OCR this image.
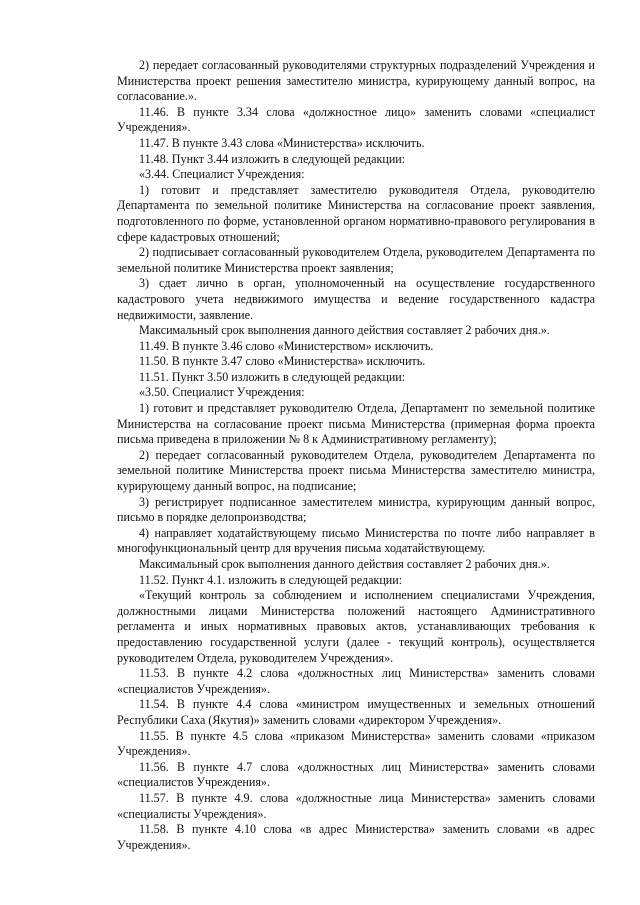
2) передает согласованный руководителями структурных подразделений Учреждения и Министерства проект решения заместителю министра, курирующему данный вопрос, на согласование.».

11.46. В пункте 3.34 слова «должностное лицо» заменить словами «специалист Учреждения».

11.47. В пункте 3.43 слова «Министерства» исключить.

11.48. Пункт 3.44 изложить в следующей редакции:

«3.44. Специалист Учреждения:

1) готовит и представляет заместителю руководителя Отдела, руководителю Департамента по земельной политике Министерства на согласование проект заявления, подготовленного по форме, установленной органом нормативно-правового регулирования в сфере кадастровых отношений;

2) подписывает согласованный руководителем Отдела, руководителем Департамента по земельной политике Министерства проект заявления;

3) сдает лично в орган, уполномоченный на осуществление государственного кадастрового учета недвижимого имущества и ведение государственного кадастра недвижимости, заявление.

Максимальный срок выполнения данного действия составляет 2 рабочих дня.».

11.49. В пункте 3.46 слово «Министерством» исключить.

11.50. В пункте 3.47 слово «Министерства» исключить.

11.51. Пункт 3.50 изложить в следующей редакции:

«3.50. Специалист Учреждения:

1) готовит и представляет руководителю Отдела, Департамент по земельной политике Министерства на согласование проект письма Министерства (примерная форма проекта письма приведена в приложении № 8 к Административному регламенту);

2) передает согласованный руководителем Отдела, руководителем Департамента по земельной политике Министерства проект письма Министерства заместителю министра, курирующему данный вопрос, на подписание;

3) регистрирует подписанное заместителем министра, курирующим данный вопрос, письмо в порядке делопроизводства;

4) направляет ходатайствующему письмо Министерства по почте либо направляет в многофункциональный центр для вручения письма ходатайствующему.

Максимальный срок выполнения данного действия составляет 2 рабочих дня.».

11.52. Пункт 4.1. изложить в следующей редакции:

«Текущий контроль за соблюдением и исполнением специалистами Учреждения, должностными лицами Министерства положений настоящего Административного регламента и иных нормативных правовых актов, устанавливающих требования к предоставлению государственной услуги (далее - текущий контроль), осуществляется руководителем Отдела, руководителем Учреждения».

11.53. В пункте 4.2 слова «должностных лиц Министерства» заменить словами «специалистов Учреждения».

11.54. В пункте 4.4 слова «министром имущественных и земельных отношений Республики Саха (Якутия)» заменить словами «директором Учреждения».

11.55. В пункте 4.5 слова «приказом Министерства» заменить словами «приказом Учреждения».

11.56. В пункте 4.7 слова «должностных лиц Министерства» заменить словами «специалистов Учреждения».

11.57. В пункте 4.9. слова «должностные лица Министерства» заменить словами «специалисты Учреждения».

11.58. В пункте 4.10 слова «в адрес Министерства» заменить словами «в адрес Учреждения».
